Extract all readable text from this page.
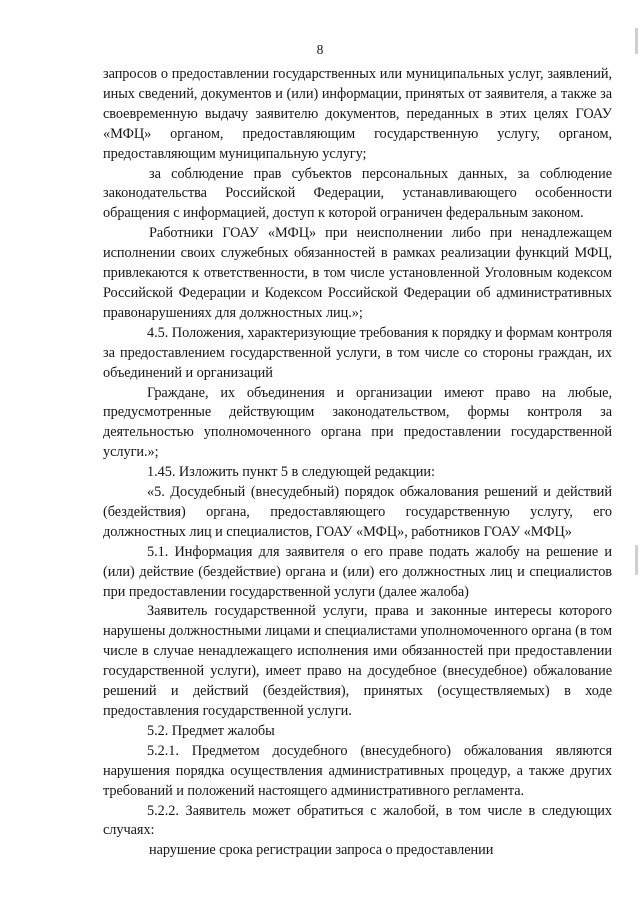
8

запросов о предоставлении государственных или муниципальных услуг, заявлений, иных сведений, документов и (или) информации, принятых от заявителя, а также за своевременную выдачу заявителю документов, переданных в этих целях ГОАУ «МФЦ» органом, предоставляющим государственную услугу, органом, предоставляющим муниципальную услугу;

за соблюдение прав субъектов персональных данных, за соблюдение законодательства Российской Федерации, устанавливающего особенности обращения с информацией, доступ к которой ограничен федеральным законом.

Работники ГОАУ «МФЦ» при неисполнении либо при ненадлежащем исполнении своих служебных обязанностей в рамках реализации функций МФЦ, привлекаются к ответственности, в том числе установленной Уголовным кодексом Российской Федерации и Кодексом Российской Федерации об административных правонарушениях для должностных лиц.»;

4.5. Положения, характеризующие требования к порядку и формам контроля за предоставлением государственной услуги, в том числе со стороны граждан, их объединений и организаций

Граждане, их объединения и организации имеют право на любые, предусмотренные действующим законодательством, формы контроля за деятельностью уполномоченного органа при предоставлении государственной услуги.»;

1.45. Изложить пункт 5 в следующей редакции:

«5. Досудебный (внесудебный) порядок обжалования решений и действий (бездействия) органа, предоставляющего государственную услугу, его должностных лиц и специалистов, ГОАУ «МФЦ», работников ГОАУ «МФЦ»

5.1. Информация для заявителя о его праве подать жалобу на решение и (или) действие (бездействие) органа и (или) его должностных лиц и специалистов при предоставлении государственной услуги (далее жалоба)

Заявитель государственной услуги, права и законные интересы которого нарушены должностными лицами и специалистами уполномоченного органа (в том числе в случае ненадлежащего исполнения ими обязанностей при предоставлении государственной услуги), имеет право на досудебное (внесудебное) обжалование решений и действий (бездействия), принятых (осуществляемых) в ходе предоставления государственной услуги.

5.2. Предмет жалобы

5.2.1. Предметом досудебного (внесудебного) обжалования являются нарушения порядка осуществления административных процедур, а также других требований и положений настоящего административного регламента.

5.2.2. Заявитель может обратиться с жалобой, в том числе в следующих случаях:

нарушение срока регистрации запроса о предоставлении
